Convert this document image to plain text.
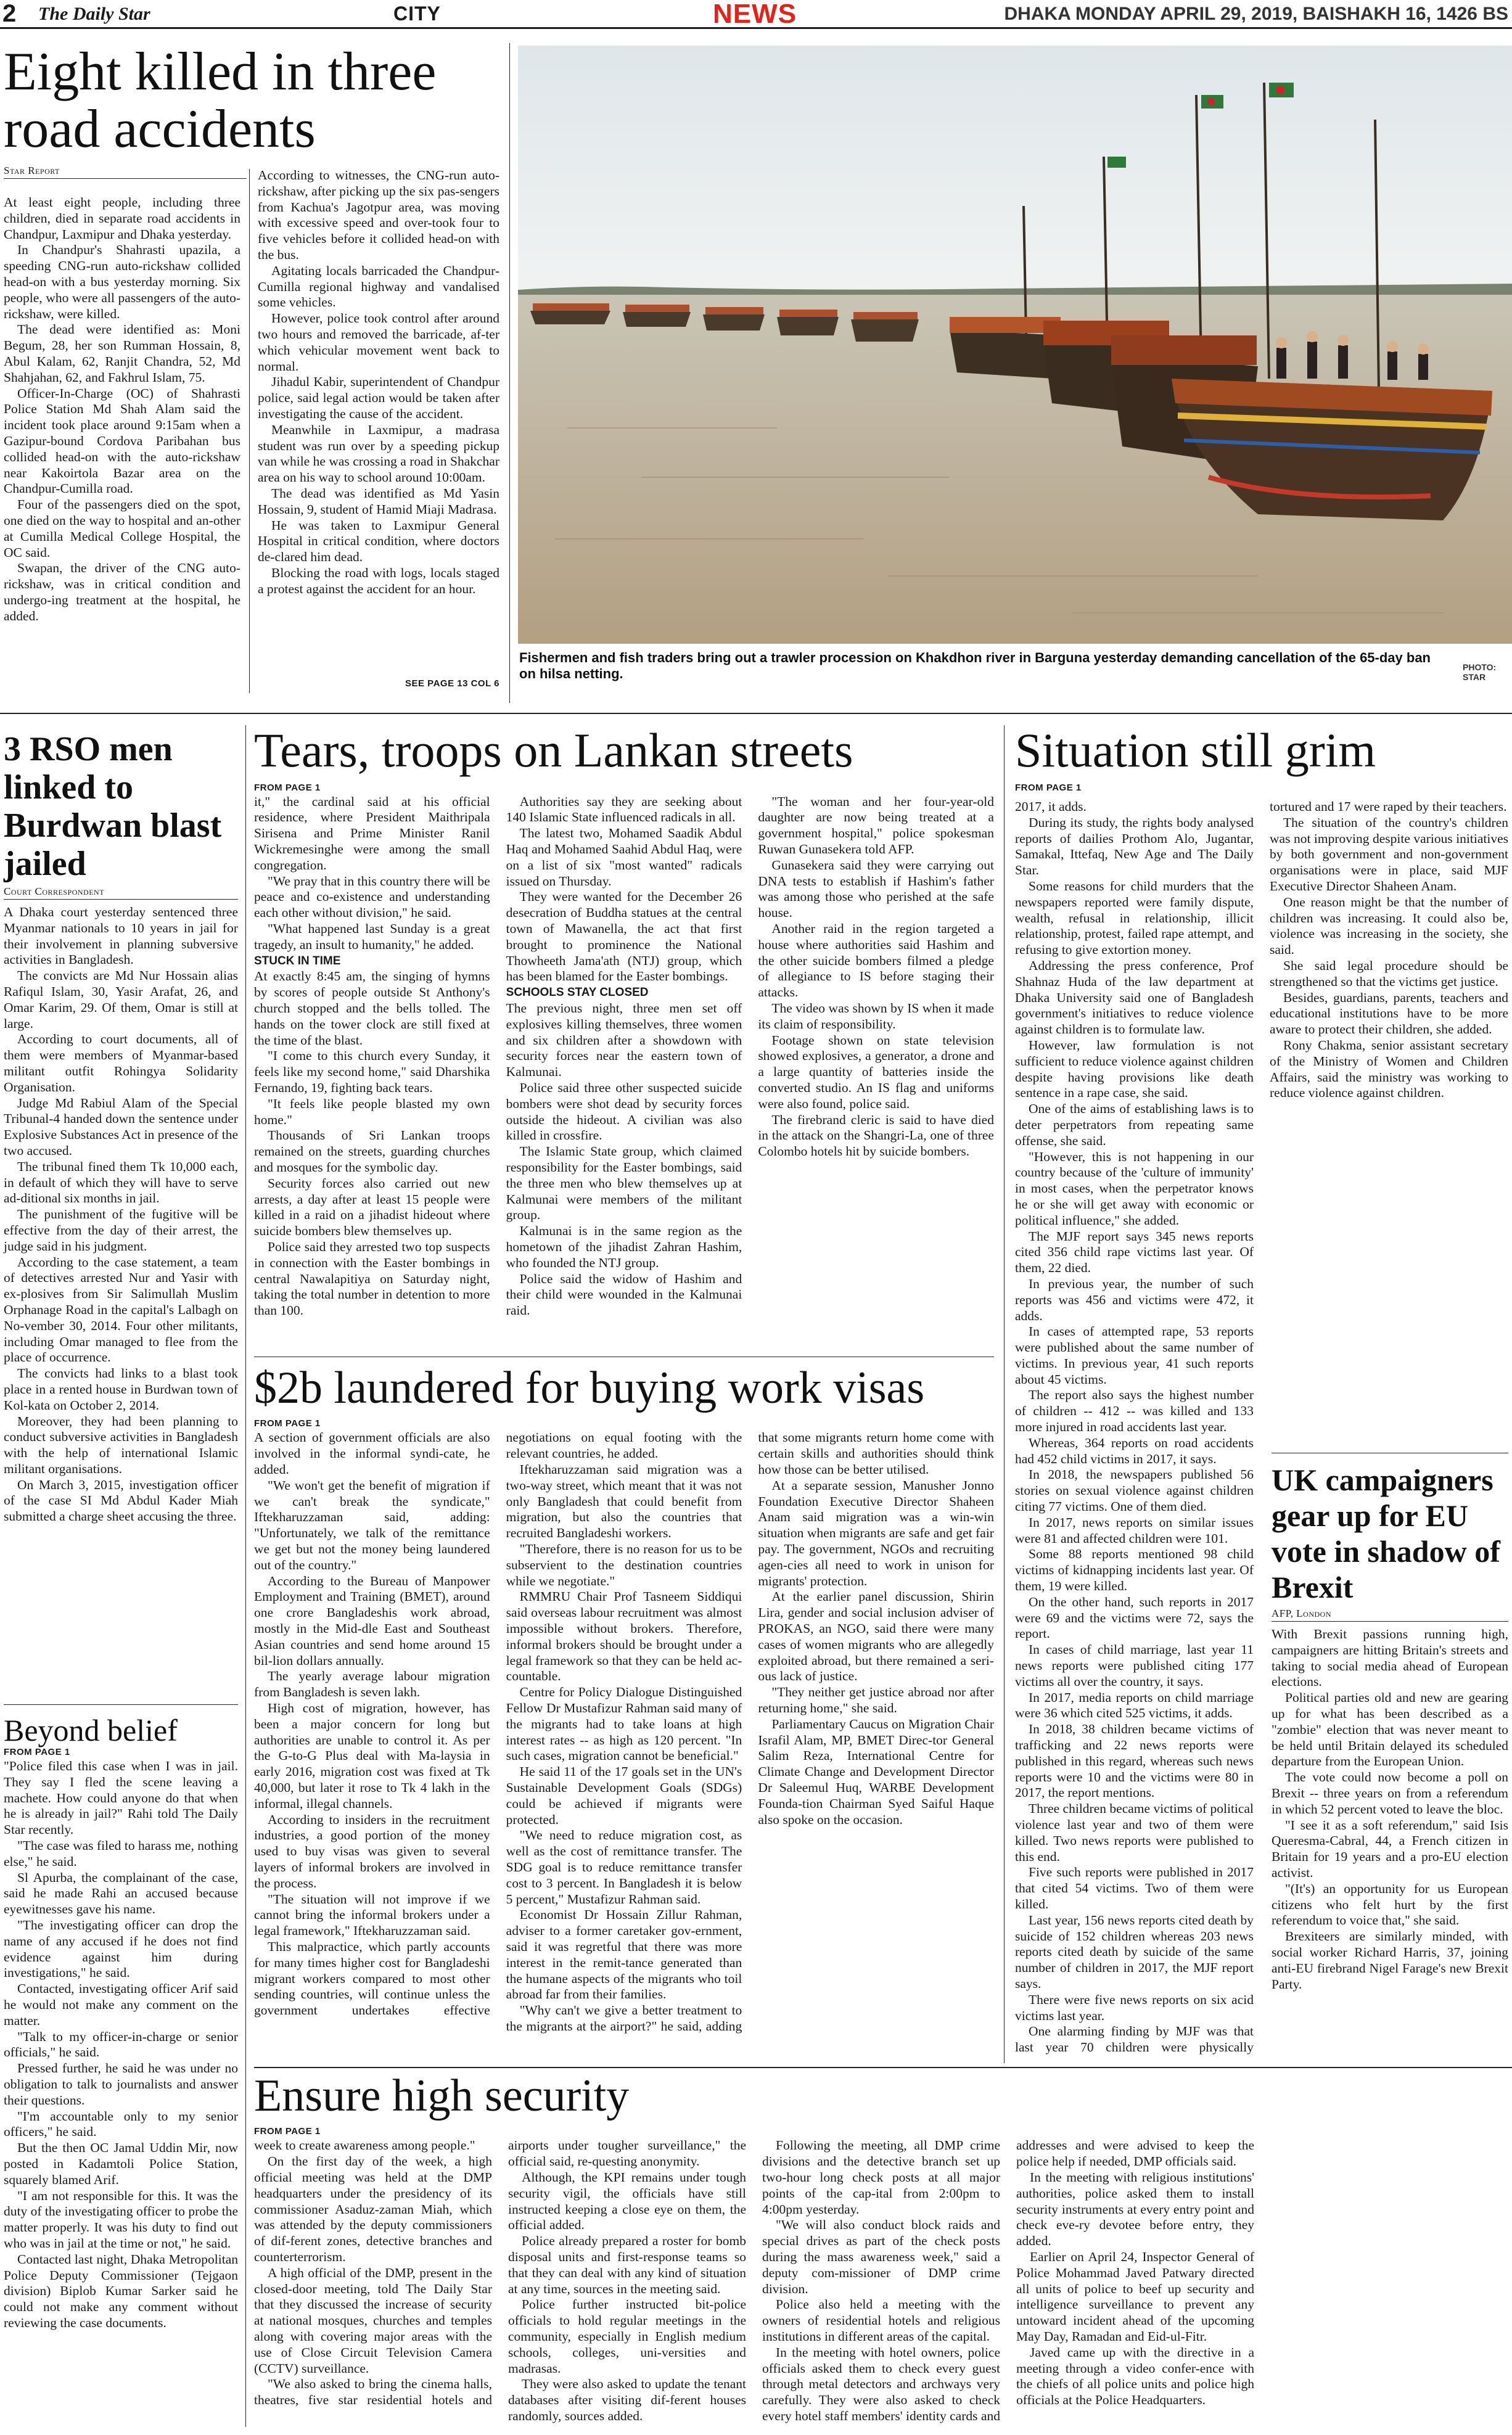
2 The Daily Star	CITY	NEWS	DHAKA MONDAY APRIL 29, 2019, BAISHAKH 16, 1426 BS
Eight killed in three road accidents
Star Report

At least eight people, including three children, died in separate road accidents in Chandpur, Laxmipur and Dhaka yesterday.

In Chandpur's Shahrasti upazila, a speeding CNG-run auto-rickshaw collided head-on with a bus yesterday morning. Six people, who were all passengers of the auto-rickshaw, were killed.

The dead were identified as: Moni Begum, 28, her son Rumman Hossain, 8, Abul Kalam, 62, Ranjit Chandra, 52, Md Shahjahan, 62, and Fakhrul Islam, 75.

Officer-In-Charge (OC) of Shahrasti Police Station Md Shah Alam said the incident took place around 9:15am when a Gazipur-bound Cordova Paribahan bus collided head-on with the auto-rickshaw near Kakoirtola Bazar area on the Chandpur-Cumilla road.

Four of the passengers died on the spot, one died on the way to hospital and an-other at Cumilla Medical College Hospital, the OC said.

Swapan, the driver of the CNG auto-rickshaw, was in critical condition and undergo-ing treatment at the hospital, he added.

According to witnesses, the CNG-run auto-rickshaw, after picking up the six pas-sengers from Kachua's Jagotpur area, was moving with excessive speed and over-took four to five vehicles before it collided head-on with the bus.

Agitating locals barricaded the Chandpur-Cumilla regional highway and vandalised some vehicles.

However, police took control after around two hours and removed the barricade, af-ter which vehicular movement went back to normal.

Jihadul Kabir, superintendent of Chandpur police, said legal action would be taken after investigating the cause of the accident.

Meanwhile in Laxmipur, a madrasa student was run over by a speeding pickup van while he was crossing a road in Shakchar area on his way to school around 10:00am.

The dead was identified as Md Yasin Hossain, 9, student of Hamid Miaji Madrasa.

He was taken to Laxmipur General Hospital in critical condition, where doctors de-clared him dead.

Blocking the road with logs, locals staged a protest against the accident for an hour.

SEE PAGE 13 COL 6
Fishermen and fish traders bring out a trawler procession on Khakdhon river in Barguna yesterday demanding cancellation of the 65-day ban on hilsa netting.	PHOTO:
STAR
3 RSO men linked to Burdwan blast jailed
Court Correspondent

A Dhaka court yesterday sentenced three Myanmar nationals to 10 years in jail for their involvement in planning subversive activities in Bangladesh.

The convicts are Md Nur Hossain alias Rafiqul Islam, 30, Yasir Arafat, 26, and Omar Karim, 29. Of them, Omar is still at large.

According to court documents, all of them were members of Myanmar-based militant outfit Rohingya Solidarity Organisation.

Judge Md Rabiul Alam of the Special Tribunal-4 handed down the sentence under Explosive Substances Act in presence of the two accused.

The tribunal fined them Tk 10,000 each, in default of which they will have to serve ad-ditional six months in jail.

The punishment of the fugitive will be effective from the day of their arrest, the judge said in his judgment.

According to the case statement, a team of detectives arrested Nur and Yasir with ex-plosives from Sir Salimullah Muslim Orphanage Road in the capital's Lalbagh on No-vember 30, 2014. Four other militants, including Omar managed to flee from the place of occurrence.

The convicts had links to a blast took place in a rented house in Burdwan town of Kol-kata on October 2, 2014.

Moreover, they had been planning to conduct subversive activities in Bangladesh with the help of international Islamic militant organisations.

On March 3, 2015, investigation officer of the case SI Md Abdul Kader Miah submitted a charge sheet accusing the three.

Beyond belief
FROM PAGE 1

"Police filed this case when I was in jail. They say I fled the scene leaving a machete. How could anyone do that when he is already in jail?" Rahi told The Daily Star recently.

"The case was filed to harass me, nothing else," he said.

Sl Apurba, the complainant of the case, said he made Rahi an accused because eyewitnesses gave his name.

"The investigating officer can drop the name of any accused if he does not find evidence against him during investigations," he said.

Contacted, investigating officer Arif said he would not make any comment on the matter.

"Talk to my officer-in-charge or senior officials," he said.

Pressed further, he said he was under no obligation to talk to journalists and answer their questions.

"I'm accountable only to my senior officers," he said.

But the then OC Jamal Uddin Mir, now posted in Kadamtoli Police Station, squarely blamed Arif.

"I am not responsible for this. It was the duty of the investigating officer to probe the matter properly. It was his duty to find out who was in jail at the time or not," he said.

Contacted last night, Dhaka Metropolitan Police Deputy Commissioner (Tejgaon division) Biplob Kumar Sarker said he could not make any comment without reviewing the case documents.

Tears, troops on Lankan streets
FROM PAGE 1

it," the cardinal said at his official residence, where President Maithripala Sirisena and Prime Minister Ranil Wickremesinghe were among the small congregation.

"We pray that in this country there will be peace and co-existence and understanding each other without division," he said.

"What happened last Sunday is a great tragedy, an insult to humanity," he added.

STUCK IN TIME

At exactly 8:45 am, the singing of hymns by scores of people outside St Anthony's church stopped and the bells tolled. The hands on the tower clock are still fixed at the time of the blast.

"I come to this church every Sunday, it feels like my second home," said Dharshika Fernando, 19, fighting back tears.

"It feels like people blasted my own home."

Thousands of Sri Lankan troops remained on the streets, guarding churches and mosques for the symbolic day.

Security forces also carried out new arrests, a day after at least 15 people were killed in a raid on a jihadist hideout where suicide bombers blew themselves up.

Police said they arrested two top suspects in connection with the Easter bombings in central Nawalapitiya on Saturday night, taking the total number in detention to more than 100.

Authorities say they are seeking about 140 Islamic State influenced radicals in all.

The latest two, Mohamed Saadik Abdul Haq and Mohamed Saahid Abdul Haq, were on a list of six "most wanted" radicals issued on Thursday.

They were wanted for the December 26 desecration of Buddha statues at the central town of Mawanella, the act that first brought to prominence the National Thowheeth Jama'ath (NTJ) group, which has been blamed for the Easter bombings.

SCHOOLS STAY CLOSED

The previous night, three men set off explosives killing themselves, three women and six children after a showdown with security forces near the eastern town of Kalmunai.

Police said three other suspected suicide bombers were shot dead by security forces outside the hideout. A civilian was also killed in crossfire.

The Islamic State group, which claimed responsibility for the Easter bombings, said the three men who blew themselves up at Kalmunai were members of the militant group.

Kalmunai is in the same region as the hometown of the jihadist Zahran Hashim, who founded the NTJ group.

Police said the widow of Hashim and their child were wounded in the Kalmunai raid.

"The woman and her four-year-old daughter are now being treated at a government hospital," police spokesman Ruwan Gunasekera told AFP.

Gunasekera said they were carrying out DNA tests to establish if Hashim's father was among those who perished at the safe house.

Another raid in the region targeted a house where authorities said Hashim and the other suicide bombers filmed a pledge of allegiance to IS before staging their attacks.

The video was shown by IS when it made its claim of responsibility.

Footage shown on state television showed explosives, a generator, a drone and a large quantity of batteries inside the converted studio. An IS flag and uniforms were also found, police said.

The firebrand cleric is said to have died in the attack on the Shangri-La, one of three Colombo hotels hit by suicide bombers.

Situation still grim
FROM PAGE 1

2017, it adds.

During its study, the rights body analysed reports of dailies Prothom Alo, Jugantar, Samakal, Ittefaq, New Age and The Daily Star.

Some reasons for child murders that the newspapers reported were family dispute, wealth, refusal in relationship, illicit relationship, protest, failed rape attempt, and refusing to give extortion money.

Addressing the press conference, Prof Shahnaz Huda of the law department at Dhaka University said one of Bangladesh government's initiatives to reduce violence against children is to formulate law.

However, law formulation is not sufficient to reduce violence against children despite having provisions like death sentence in a rape case, she said.

One of the aims of establishing laws is to deter perpetrators from repeating same offense, she said.

"However, this is not happening in our country because of the 'culture of immunity' in most cases, when the perpetrator knows he or she will get away with economic or political influence," she added.

The MJF report says 345 news reports cited 356 child rape victims last year. Of them, 22 died.

In previous year, the number of such reports was 456 and victims were 472, it adds.

In cases of attempted rape, 53 reports were published about the same number of victims. In previous year, 41 such reports about 45 victims.

The report also says the highest number of children -- 412 -- was killed and 133 more injured in road accidents last year.

Whereas, 364 reports on road accidents had 452 child victims in 2017, it says.

In 2018, the newspapers published 56 stories on sexual violence against children citing 77 victims. One of them died.

In 2017, news reports on similar issues were 81 and affected children were 101.

Some 88 reports mentioned 98 child victims of kidnapping incidents last year. Of them, 19 were killed.

On the other hand, such reports in 2017 were 69 and the victims were 72, says the report.

In cases of child marriage, last year 11 news reports were published citing 177 victims all over the country, it says.

In 2017, media reports on child marriage were 36 which cited 525 victims, it adds.

In 2018, 38 children became victims of trafficking and 22 news reports were published in this regard, whereas such news reports were 10 and the victims were 80 in 2017, the report mentions.

Three children became victims of political violence last year and two of them were killed. Two news reports were published to this end.

Five such reports were published in 2017 that cited 54 victims. Two of them were killed.

Last year, 156 news reports cited death by suicide of 152 children whereas 203 news reports cited death by suicide of the same number of children in 2017, the MJF report says.

There were five news reports on six acid victims last year.

One alarming finding by MJF was that last year 70 children were physically tortured and 17 were raped by their teachers.

The situation of the country's children was not improving despite various initiatives by both government and non-government organisations were in place, said MJF Executive Director Shaheen Anam.

One reason might be that the number of children was increasing. It could also be, violence was increasing in the society, she said.

She said legal procedure should be strengthened so that the victims get justice.

Besides, guardians, parents, teachers and educational institutions have to be more aware to protect their children, she added.

Rony Chakma, senior assistant secretary of the Ministry of Women and Children Affairs, said the ministry was working to reduce violence against children.

UK campaigners gear up for EU vote in shadow of Brexit
AFP, London

With Brexit passions running high, campaigners are hitting Britain's streets and taking to social media ahead of European elections.

Political parties old and new are gearing up for what has been described as a "zombie" election that was never meant to be held until Britain delayed its scheduled departure from the European Union.

The vote could now become a poll on Brexit -- three years on from a referendum in which 52 percent voted to leave the bloc.

"I see it as a soft referendum," said Isis Queresma-Cabral, 44, a French citizen in Britain for 19 years and a pro-EU election activist.

"(It's) an opportunity for us European citizens who felt hurt by the first referendum to voice that," she said.

Brexiteers are similarly minded, with social worker Richard Harris, 37, joining anti-EU firebrand Nigel Farage's new Brexit Party.

$2b laundered for buying work visas
FROM PAGE 1

A section of government officials are also involved in the informal syndi-cate, he added.

"We won't get the benefit of migration if we can't break the syndicate," Iftekharuzzaman said, adding: "Unfortunately, we talk of the remittance we get but not the money being laundered out of the country."

According to the Bureau of Manpower Employment and Training (BMET), around one crore Bangladeshis work abroad, mostly in the Mid-dle East and Southeast Asian countries and send home around 15 bil-lion dollars annually.

The yearly average labour migration from Bangladesh is seven lakh.

High cost of migration, however, has been a major concern for long but authorities are unable to control it. As per the G-to-G Plus deal with Ma-laysia in early 2016, migration cost was fixed at Tk 40,000, but later it rose to Tk 4 lakh in the informal, illegal channels.

According to insiders in the recruitment industries, a good portion of the money used to buy visas was given to several layers of informal brokers are involved in the process.

"The situation will not improve if we cannot bring the informal brokers under a legal framework," Iftekharuzzaman said.

This malpractice, which partly accounts for many times higher cost for Bangladeshi migrant workers compared to most other sending countries, will continue unless the government undertakes effective negotiations on equal footing with the relevant countries, he added.

Iftekharuzzaman said migration was a two-way street, which meant that it was not only Bangladesh that could benefit from migration, but also the countries that recruited Bangladeshi workers.

"Therefore, there is no reason for us to be subservient to the destination countries while we negotiate."

RMMRU Chair Prof Tasneem Siddiqui said overseas labour recruitment was almost impossible without brokers. Therefore, informal brokers should be brought under a legal framework so that they can be held ac-countable.

Centre for Policy Dialogue Distinguished Fellow Dr Mustafizur Rahman said many of the migrants had to take loans at high interest rates -- as high as 120 percent. "In such cases, migration cannot be beneficial."

He said 11 of the 17 goals set in the UN's Sustainable Development Goals (SDGs) could be achieved if migrants were protected.

"We need to reduce migration cost, as well as the cost of remittance transfer. The SDG goal is to reduce remittance transfer cost to 3 percent. In Bangladesh it is below 5 percent," Mustafizur Rahman said.

Economist Dr Hossain Zillur Rahman, adviser to a former caretaker gov-ernment, said it was regretful that there was more interest in the remit-tance generated than the humane aspects of the migrants who toil abroad far from their families.

"Why can't we give a better treatment to the migrants at the airport?" he said, adding that some migrants return home come with certain skills and authorities should think how those can be better utilised.

At a separate session, Manusher Jonno Foundation Executive Director Shaheen Anam said migration was a win-win situation when migrants are safe and get fair pay. The government, NGOs and recruiting agen-cies all need to work in unison for migrants' protection.

At the earlier panel discussion, Shirin Lira, gender and social inclusion adviser of PROKAS, an NGO, said there were many cases of women migrants who are allegedly exploited abroad, but there remained a seri-ous lack of justice.

"They neither get justice abroad nor after returning home," she said.

Parliamentary Caucus on Migration Chair Israfil Alam, MP, BMET Direc-tor General Salim Reza, International Centre for Climate Change and Development Director Dr Saleemul Huq, WARBE Development Founda-tion Chairman Syed Saiful Haque also spoke on the occasion.

Ensure high security
FROM PAGE 1

week to create awareness among people."

On the first day of the week, a high official meeting was held at the DMP headquarters under the presidency of its commissioner Asaduz-zaman Miah, which was attended by the deputy commissioners of dif-ferent zones, detective branches and counterterrorism.

A high official of the DMP, present in the closed-door meeting, told The Daily Star that they discussed the increase of security at national mosques, churches and temples along with covering major areas with the use of Close Circuit Television Camera (CCTV) surveillance.

"We also asked to bring the cinema halls, theatres, five star residential hotels and airports under tougher surveillance," the official said, re-questing anonymity.

Although, the KPI remains under tough security vigil, the officials have still instructed keeping a close eye on them, the official added.

Police already prepared a roster for bomb disposal units and first-response teams so that they can deal with any kind of situation at any time, sources in the meeting said.

Police further instructed bit-police officials to hold regular meetings in the community, especially in English medium schools, colleges, uni-versities and madrasas.

They were also asked to update the tenant databases after visiting dif-ferent houses randomly, sources added.

Following the meeting, all DMP crime divisions and the detective branch set up two-hour long check posts at all major points of the cap-ital from 2:00pm to 4:00pm yesterday.

"We will also conduct block raids and special drives as part of the check posts during the mass awareness week," said a deputy com-missioner of DMP crime division.

Police also held a meeting with the owners of residential hotels and religious institutions in different areas of the capital.

In the meeting with hotel owners, police officials asked them to check every guest through metal detectors and archways very carefully. They were also asked to check every hotel staff members' identity cards and addresses and were advised to keep the police help if needed, DMP officials said.

In the meeting with religious institutions' authorities, police asked them to install security instruments at every entry point and check eve-ry devotee before entry, they added.

Earlier on April 24, Inspector General of Police Mohammad Javed Patwary directed all units of police to beef up security and intelligence surveillance to prevent any untoward incident ahead of the upcoming May Day, Ramadan and Eid-ul-Fitr.

Javed came up with the directive in a meeting through a video confer-ence with the chiefs of all police units and police high officials at the Police Headquarters.
